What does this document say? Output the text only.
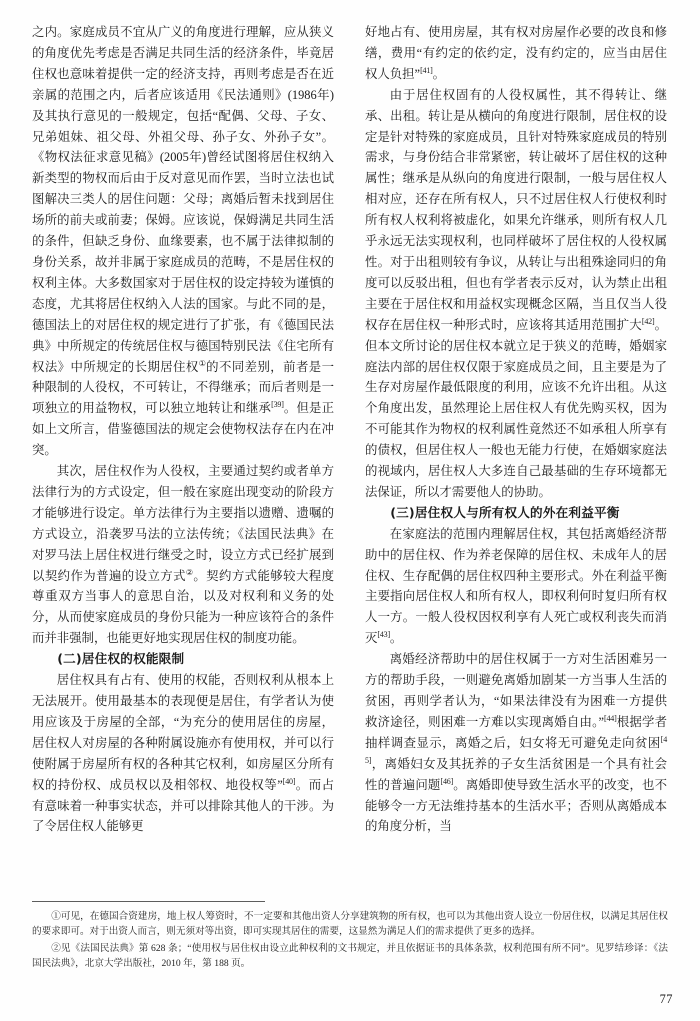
之内。家庭成员不宜从广义的角度进行理解，应从狭义的角度优先考虑是否满足共同生活的经济条件，毕竟居住权也意味着提供一定的经济支持，再则考虑是否在近亲属的范围之内，后者应该适用《民法通则》(1986年)及其执行意见的一般规定，包括“配偶、父母、子女、兄弟姐妹、祖父母、外祖父母、孙子女、外孙子女”。《物权法征求意见稿》(2005年)曾经试图将居住权纳入新类型的物权而后由于反对意见而作罢，当时立法也试图解决三类人的居住问题：父母；离婚后暂未找到居住场所的前夫或前妻；保姆。应该说，保姆满足共同生活的条件，但缺乏身份、血缘要素，也不属于法律拟制的身份关系，故并非属于家庭成员的范畴，不是居住权的权利主体。大多数国家对于居住权的设定持较为谨慎的态度，尤其将居住权纳入人法的国家。与此不同的是，德国法上的对居住权的规定进行了扩张，有《德国民法典》中所规定的传统居住权与德国特别民法《住宅所有权法》中所规定的长期居住权①的不同差别，前者是一种限制的人役权，不可转让，不得继承；而后者则是一项独立的用益物权，可以独立地转让和继承[39]。但是正如上文所言，借鉴德国法的规定会使物权法存在内在冲突。

其次，居住权作为人役权，主要通过契约或者单方法律行为的方式设定，但一般在家庭出现变动的阶段方才能够进行设定。单方法律行为主要指以遗赠、遗嘱的方式设立，沿袭罗马法的立法传统；《法国民法典》在对罗马法上居住权进行继受之时，设立方式已经扩展到以契约作为普遍的设立方式②。契约方式能够较大程度尊重双方当事人的意思自治，以及对权利和义务的处分，从而使家庭成员的身份只能为一种应该符合的条件而并非强制，也能更好地实现居住权的制度功能。

(二)居住权的权能限制

居住权具有占有、使用的权能，否则权利从根本上无法展开。使用最基本的表现便是居住，有学者认为使用应该及于房屋的全部，“为充分的使用居住的房屋，居住权人对房屋的各种附属设施亦有使用权，并可以行使附属于房屋所有权的各种其它权利，如房屋区分所有权的持份权、成员权以及相邻权、地役权等”[40]。而占有意味着一种事实状态，并可以排除其他人的干涉。为了令居住权人能够更

好地占有、使用房屋，其有权对房屋作必要的改良和修缮，费用“有约定的依约定，没有约定的，应当由居住权人负担”[41]。

由于居住权固有的人役权属性，其不得转让、继承、出租。转让是从横向的角度进行限制，居住权的设定是针对特殊的家庭成员，且针对特殊家庭成员的特别需求，与身份结合非常紧密，转让破坏了居住权的这种属性；继承是从纵向的角度进行限制，一般与居住权人相对应，还存在所有权人，只不过居住权人行使权利时所有权人权利将被虚化，如果允许继承，则所有权人几乎永远无法实现权利，也同样破坏了居住权的人役权属性。对于出租则较有争议，从转让与出租殊途同归的角度可以反驳出租，但也有学者表示反对，认为禁止出租主要在于居住权和用益权实现概念区隔，当且仅当人役权存在居住权一种形式时，应该将其适用范围扩大[42]。但本文所讨论的居住权本就立足于狭义的范畴，婚姻家庭法内部的居住权仅限于家庭成员之间，且主要是为了生存对房屋作最低限度的利用，应该不允许出租。从这个角度出发，虽然理论上居住权人有优先购买权，因为不可能其作为物权的权利属性竟然还不如承租人所享有的债权，但居住权人一般也无能力行使，在婚姻家庭法的视域内，居住权人大多连自己最基础的生存环境都无法保证，所以才需要他人的协助。

(三)居住权人与所有权人的外在利益平衡

在家庭法的范围内理解居住权，其包括离婚经济帮助中的居住权、作为养老保障的居住权、未成年人的居住权、生存配偶的居住权四种主要形式。外在利益平衡主要指向居住权人和所有权人，即权利何时复归所有权人一方。一般人役权因权利享有人死亡或权利丧失而消灭[43]。

离婚经济帮助中的居住权属于一方对生活困难另一方的帮助手段，一则避免离婚加剧某一方当事人生活的贫困，再则学者认为，“如果法律没有为困难一方提供救济途径，则困难一方难以实现离婚自由。”[44]根据学者抽样调查显示，离婚之后，妇女将无可避免走向贫困[45]，离婚妇女及其抚养的子女生活贫困是一个具有社会性的普遍问题[46]。离婚即使导致生活水平的改变，也不能够令一方无法维持基本的生活水平；否则从离婚成本的角度分析，当

①可见，在德国合资建房，地上权人筹资时，不一定要和其他出资人分享建筑物的所有权，也可以为其他出资人设立一份居住权，以满足其居住权的要求即可。对于出资人而言，则无须对等出资，即可实现其居住的需要，这显然为满足人们的需求提供了更多的选择。

②见《法国民法典》第 628 条；“使用权与居住权由设立此种权利的文书规定，并且依据证书的具体条款，权利范围有所不同”。见罗结珍译：《法国民法典》，北京大学出版社，2010 年，第 188 页。

77
